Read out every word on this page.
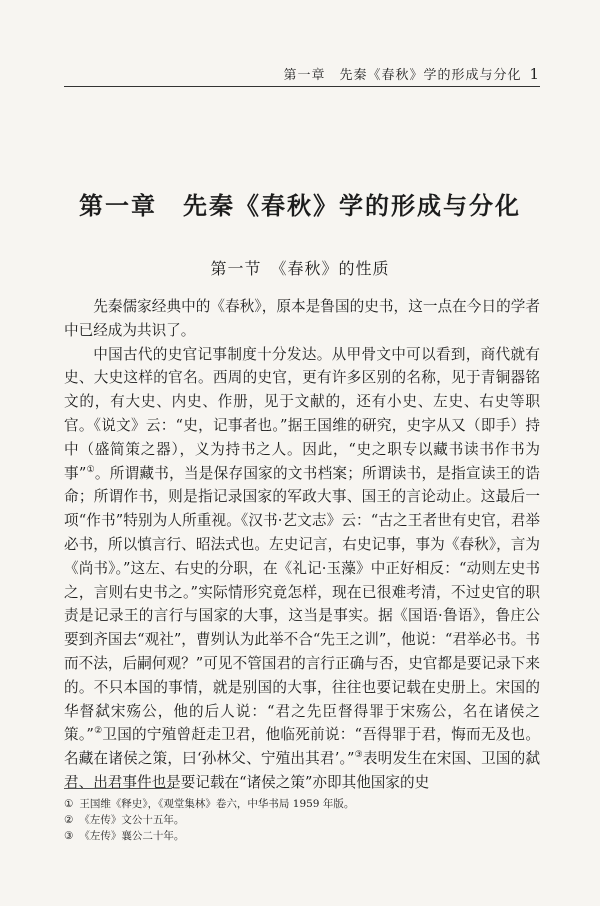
第一章　先秦《春秋》学的形成与分化 1
第一章　先秦《春秋》学的形成与分化
第一节　《春秋》的性质

先秦儒家经典中的《春秋》，原本是鲁国的史书，这一点在今日的学者中已经成为共识了。

中国古代的史官记事制度十分发达。从甲骨文中可以看到，商代就有史、大史这样的官名。西周的史官，更有许多区别的名称，见于青铜器铭文的，有大史、内史、作册，见于文献的，还有小史、左史、右史等职官。《说文》云：“史，记事者也。”据王国维的研究，史字从又（即手）持中（盛简策之器），义为持书之人。因此，“史之职专以藏书读书作书为事”①。所谓藏书，当是保存国家的文书档案；所谓读书，是指宣读王的诰命；所谓作书，则是指记录国家的军政大事、国王的言论动止。这最后一项“作书”特别为人所重视。《汉书·艺文志》云：“古之王者世有史官，君举必书，所以慎言行、昭法式也。左史记言，右史记事，事为《春秋》，言为《尚书》。”这左、右史的分职，在《礼记·玉藻》中正好相反：“动则左史书之，言则右史书之。”实际情形究竟怎样，现在已很难考清，不过史官的职责是记录王的言行与国家的大事，这当是事实。据《国语·鲁语》，鲁庄公要到齐国去“观社”，曹刿认为此举不合“先王之训”，他说：“君举必书。书而不法，后嗣何观？”可见不管国君的言行正确与否，史官都是要记录下来的。不只本国的事情，就是别国的大事，往往也要记载在史册上。宋国的华督弑宋殇公，他的后人说：“君之先臣督得罪于宋殇公，名在诸侯之策。”②卫国的宁殖曾赶走卫君，他临死前说：“吾得罪于君，悔而无及也。名藏在诸侯之策，曰‘孙林父、宁殖出其君’。”③表明发生在宋国、卫国的弑君、出君事件也是要记载在“诸侯之策”亦即其他国家的史

① 王国维《释史》，《观堂集林》卷六，中华书局 1959 年版。
② 《左传》文公十五年。
③ 《左传》襄公二十年。
